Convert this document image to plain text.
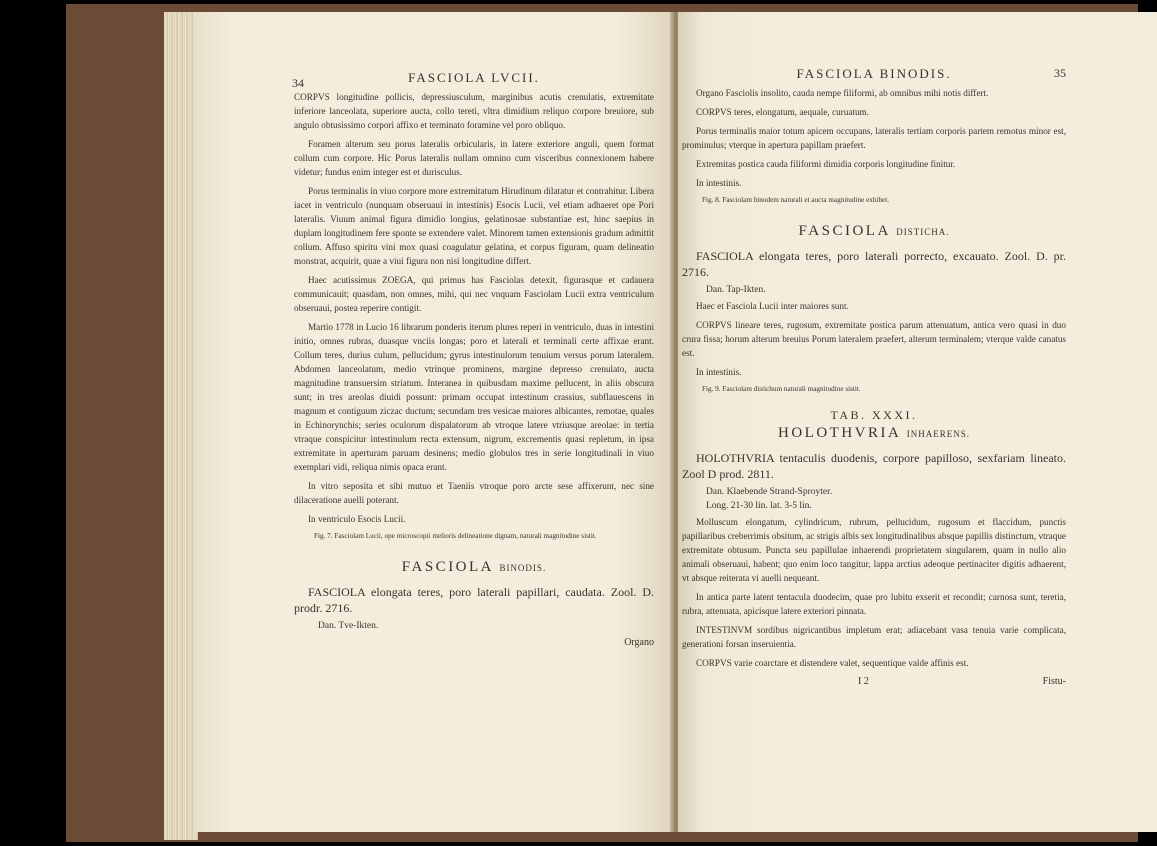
34	FASCIOLA LVCII.

CORPVS longitudine pollicis, depressiusculum, marginibus acutis crenulatis, extremitate inferiore lanceolata, superiore aucta, collo tereti, vltra dimidium reliquo corpore breuiore, sub angulo obtusissimo corpori affixo et terminato foramine vel poro obliquo.

Foramen alterum seu porus lateralis orbicularis, in latere exteriore anguli, quem format collum cum corpore. Hic Porus lateralis nullam omnino cum visceribus connexionem habere videtur; fundus enim integer est et durisculus.

Porus terminalis in viuo corpore more extremitatum Hirudinum dilatatur et contrahitur. Libera iacet in ventriculo (nunquam obseruaui in intestinis) Esocis Lucii, vel etiam adhaeret ope Pori lateralis. Viuum animal figura dimidio longius, gelatinosae substantiae est, hinc saepius in duplam longitudinem fere sponte se extendere valet. Minorem tamen extensionis gradum admittit collum. Affuso spiritu vini mox quasi coagulatur gelatina, et corpus figuram, quam delineatio monstrat, acquirit, quae a viui figura non nisi longitudine differt.

Haec acutissimus ZOEGA, qui primus has Fasciolas detexit, figurasque et cadauera communicauit; quasdam, non omnes, mihi, qui nec vnquam Fasciolam Lucii extra ventriculum obseruaui, postea reperire contigit.

Martio 1778 in Lucio 16 librarum ponderis iterum plures reperi in ventriculo, duas in intestini initio, omnes rubras, duasque vnciis longas; poro et laterali et terminali certe affixae erant. Collum teres, durius culum, pellucidum; gyrus intestinulorum tenuium versus porum lateralem. Abdomen lanceolatum, medio vtrinque prominens, margine depresso crenulato, aucta magnitudine transuersim striatum. Interanea in quibusdam maxime pellucent, in aliis obscura sunt; in tres areolas diuidi possunt: primam occupat intestinum crassius, subflauescens in magnum et contiguum ziczac ductum; secundam tres vesicae maiores albicantes, remotae, quales in Echinorynchis; series oculorum dispalatorum ab vtroque latere vtriusque areolae: in tertia vtraque conspicitur intestinulum recta extensum, nigrum, excrementis quasi repletum, in ipsa extremitate in aperturam paruam desinens; medio globulos tres in serie longitudinali in viuo exemplari vidi, reliqua nimis opaca erant.

In vitro seposita et sibi mutuo et Taeniis vtroque poro arcte sese affixerunt, nec sine dilaceratione auelli poterant.

In ventriculo Esocis Lucii.

Fig. 7. Fasciolam Lucii, ope microscopii melioris delineatione dignam, naturali magnitudine sistit.
FASCIOLA BINODIS.

FASCIOLA elongata teres, poro laterali papillari, caudata. Zool. D. prodr. 2716.

Dan. Tve-Ikten.
Organo
FASCIOLA BINODIS.	35

Organo Fasciolis insolito, cauda nempe filiformi, ab omnibus mihi notis differt.

CORPVS teres, elongatum, aequale, curuatum.

Porus terminalis maior totum apicem occupans, lateralis tertiam corporis partem remotus minor est, prominulus; vterque in apertura papillam praefert.

Extremitas postica cauda filiformi dimidia corporis longitudine finitur.

In intestinis.

Fig. 8. Fasciolam binodem naturali et aucta magnitudine exhibet.
FASCIOLA DISTICHA.

FASCIOLA elongata teres, poro laterali porrecto, excauato. Zool. D. pr. 2716.

Dan. Tap-Ikten.

Haec et Fasciola Lucii inter maiores sunt.

CORPVS lineare teres, rugosum, extremitate postica parum attenuatum, antica vero quasi in duo crura fissa; horum alterum breuius Porum lateralem praefert, alterum terminalem; vterque valde canatus est.

In intestinis.

Fig. 9. Fasciolam distichum naturali magnitudine sistit.
TAB. XXXI.
HOLOTHVRIA INHAERENS.

HOLOTHVRIA tentaculis duodenis, corpore papilloso, sexfariam lineato. Zool D prod. 2811.

Dan. Klaebende Strand-Sproyter.
Long. 21-30 lin. lat. 3-5 lin.

Molluscum elongatum, cylindricum, rubrum, pellucidum, rugosum et flaccidum, punctis papillaribus creberrimis obsitum, ac strigis albis sex longitudinalibus absque papillis distinctum, vtraque extremitate obtusum. Puncta seu papillulae inhaerendi proprietatem singularem, quam in nullo alio animali obseruaui, habent; quo enim loco tangitur, lappa arctius adeoque pertinaciter digitis adhaerent, vt absque reiterata vi auelli nequeant.

In antica parte latent tentacula duodecim, quae pro lubitu exserit et recondit; carnosa sunt, teretia, rubra, attenuata, apicisque latere exteriori pinnata.

INTESTINVM sordibus nigricantibus impletum erat; adiacebant vasa tenuia varie complicata, generationi forsan inseruientia.

CORPVS varie coarctare et distendere valet, sequentique valde affinis est.

I 2	Fistu-
